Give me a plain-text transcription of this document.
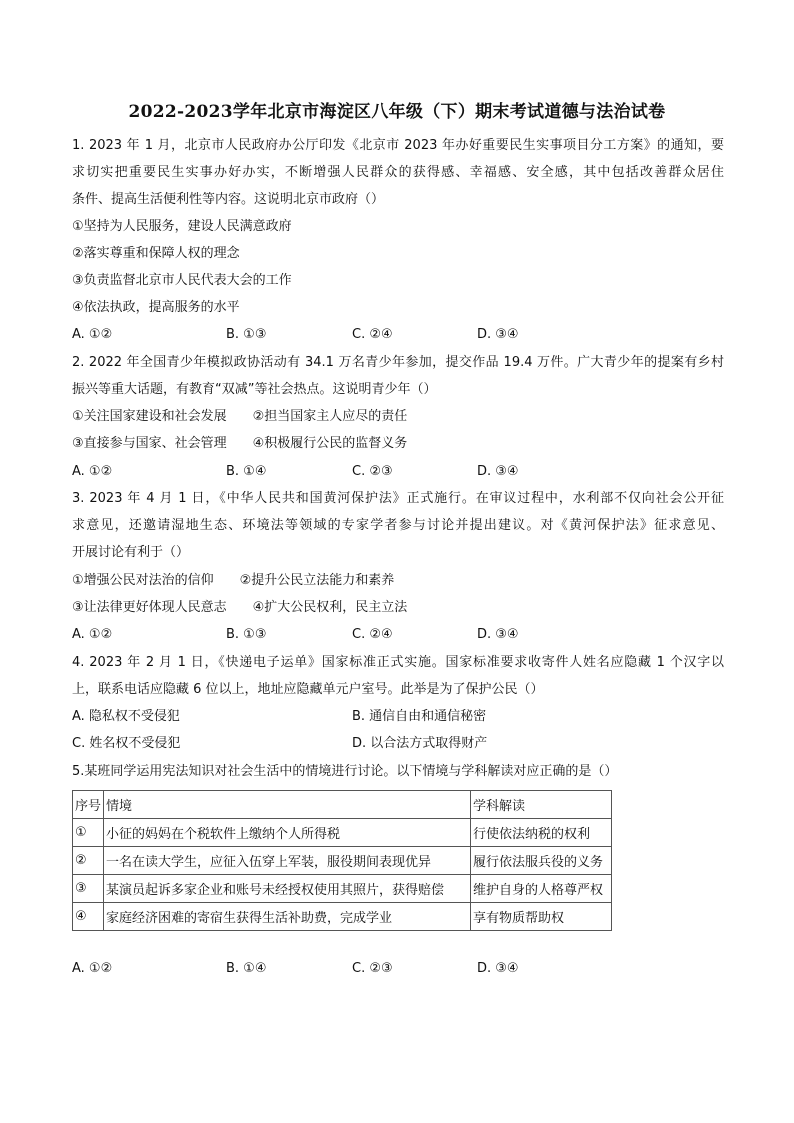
2022-2023学年北京市海淀区八年级（下）期末考试道德与法治试卷
1. 2023 年 1 月，北京市人民政府办公厅印发《北京市 2023 年办好重要民生实事项目分工方案》的通知，要
求切实把重要民生实事办好办实，不断增强人民群众的获得感、幸福感、安全感，其中包括改善群众居住
条件、提高生活便利性等内容。这说明北京市政府（）
①坚持为人民服务，建设人民满意政府
②落实尊重和保障人权的理念
③负责监督北京市人民代表大会的工作
④依法执政，提高服务的水平
A. ①②	B. ①③	C. ②④	D. ③④
2. 2022 年全国青少年模拟政协活动有 34.1 万名青少年参加，提交作品 19.4 万件。广大青少年的提案有乡村
振兴等重大话题，有教育“双减”等社会热点。这说明青少年（）
①关注国家建设和社会发展　　②担当国家主人应尽的责任
③直接参与国家、社会管理　　④积极履行公民的监督义务
A. ①②	B. ①④	C. ②③	D. ③④
3. 2023 年 4 月 1 日，《中华人民共和国黄河保护法》正式施行。在审议过程中，水利部不仅向社会公开征
求意见，还邀请湿地生态、环境法等领域的专家学者参与讨论并提出建议。对《黄河保护法》征求意见、
开展讨论有利于（）
①增强公民对法治的信仰　　②提升公民立法能力和素养
③让法律更好体现人民意志　　④扩大公民权利，民主立法
A. ①②	B. ①③	C. ②④	D. ③④
4. 2023 年 2 月 1 日，《快递电子运单》国家标准正式实施。国家标准要求收寄件人姓名应隐藏 1 个汉字以
上，联系电话应隐藏 6 位以上，地址应隐藏单元户室号。此举是为了保护公民（）
A. 隐私权不受侵犯	B. 通信自由和通信秘密
C. 姓名权不受侵犯	D. 以合法方式取得财产
5.某班同学运用宪法知识对社会生活中的情境进行讨论。以下情境与学科解读对应正确的是（）
序号	情境	学科解读
①	小征的妈妈在个税软件上缴纳个人所得税	行使依法纳税的权利
②	一名在读大学生，应征入伍穿上军装，服役期间表现优异	履行依法服兵役的义务
③	某演员起诉多家企业和账号未经授权使用其照片，获得赔偿	维护自身的人格尊严权
④	家庭经济困难的寄宿生获得生活补助费，完成学业	享有物质帮助权
A. ①②	B. ①④	C. ②③	D. ③④
